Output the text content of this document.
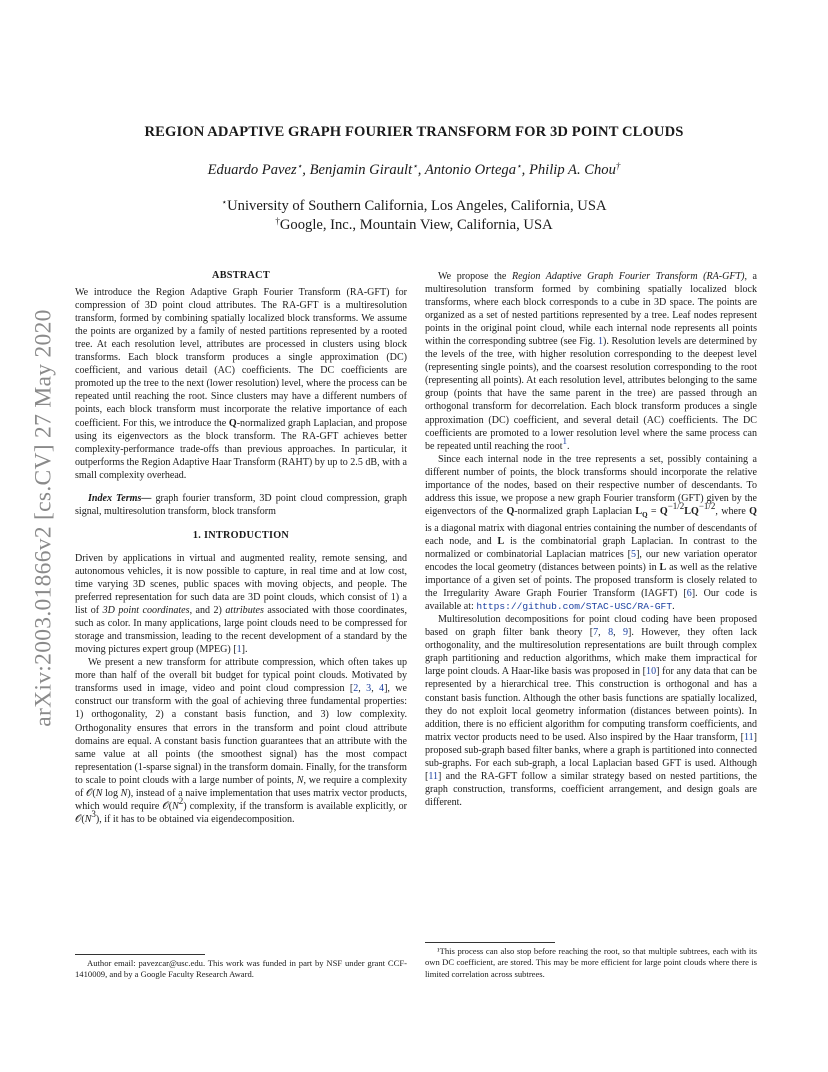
arXiv:2003.01866v2 [cs.CV] 27 May 2020
REGION ADAPTIVE GRAPH FOURIER TRANSFORM FOR 3D POINT CLOUDS
Eduardo Pavez⋆, Benjamin Girault⋆, Antonio Ortega⋆, Philip A. Chou†
⋆University of Southern California, Los Angeles, California, USA
†Google, Inc., Mountain View, California, USA
ABSTRACT

We introduce the Region Adaptive Graph Fourier Transform (RA-GFT) for compression of 3D point cloud attributes. The RA-GFT is a multiresolution transform, formed by combining spatially localized block transforms. We assume the points are organized by a family of nested partitions represented by a rooted tree. At each resolution level, attributes are processed in clusters using block transforms. Each block transform produces a single approximation (DC) coefficient, and various detail (AC) coefficients. The DC coefficients are promoted up the tree to the next (lower resolution) level, where the process can be repeated until reaching the root. Since clusters may have a different numbers of points, each block transform must incorporate the relative importance of each coefficient. For this, we introduce the Q-normalized graph Laplacian, and propose using its eigenvectors as the block transform. The RA-GFT achieves better complexity-performance trade-offs than previous approaches. In particular, it outperforms the Region Adaptive Haar Transform (RAHT) by up to 2.5 dB, with a small complexity overhead.

Index Terms— graph fourier transform, 3D point cloud compression, graph signal, multiresolution transform, block transform

1. INTRODUCTION

Driven by applications in virtual and augmented reality, remote sensing, and autonomous vehicles, it is now possible to capture, in real time and at low cost, time varying 3D scenes, public spaces with moving objects, and people. The preferred representation for such data are 3D point clouds, which consist of 1) a list of 3D point coordinates, and 2) attributes associated with those coordinates, such as color. In many applications, large point clouds need to be compressed for storage and transmission, leading to the recent development of a standard by the moving pictures expert group (MPEG) [1].

We present a new transform for attribute compression, which often takes up more than half of the overall bit budget for typical point clouds. Motivated by transforms used in image, video and point cloud compression [2, 3, 4], we construct our transform with the goal of achieving three fundamental properties: 1) orthogonality, 2) a constant basis function, and 3) low complexity. Orthogonality ensures that errors in the transform and point cloud attribute domains are equal. A constant basis function guarantees that an attribute with the same value at all points (the smoothest signal) has the most compact representation (1-sparse signal) in the transform domain. Finally, for the transform to scale to point clouds with a large number of points, N, we require a complexity of 𝒪(N log N), instead of a naive implementation that uses matrix vector products, which would require $𝒪(N^2)$ complexity, if the transform is available explicitly, or $𝒪(N^3)$, if it has to be obtained via eigendecomposition.

We propose the Region Adaptive Graph Fourier Transform (RA-GFT), a multiresolution transform formed by combining spatially localized block transforms, where each block corresponds to a cube in 3D space. The points are organized as a set of nested partitions represented by a tree. Leaf nodes represent points in the original point cloud, while each internal node represents all points within the corresponding subtree (see Fig. 1). Resolution levels are determined by the levels of the tree, with higher resolution corresponding to the deepest level (representing single points), and the coarsest resolution corresponding to the root (representing all points). At each resolution level, attributes belonging to the same group (points that have the same parent in the tree) are passed through an orthogonal transform for decorrelation. Each block transform produces a single approximation (DC) coefficient, and several detail (AC) coefficients. The DC coefficients are promoted to a lower resolution level where the same process can be repeated until reaching the root$^1$.

Since each internal node in the tree represents a set, possibly containing a different number of points, the block transforms should incorporate the relative importance of the nodes, based on their respective number of descendants. To address this issue, we propose a new graph Fourier transform (GFT) given by the eigenvectors of the Q-normalized graph Laplacian $L_Q = Q^{-1/2}LQ^{-1/2}$, where Q is a diagonal matrix with diagonal entries containing the number of descendants of each node, and L is the combinatorial graph Laplacian. In contrast to the normalized or combinatorial Laplacian matrices [5], our new variation operator encodes the local geometry (distances between points) in L as well as the relative importance of a given set of points. The proposed transform is closely related to the Irregularity Aware Graph Fourier Transform (IAGFT) [6]. Our code is available at: https://github.com/STAC-USC/RA-GFT.

Multiresolution decompositions for point cloud coding have been proposed based on graph filter bank theory [7, 8, 9]. However, they often lack orthogonality, and the multiresolution representations are built through complex graph partitioning and reduction algorithms, which make them impractical for large point clouds. A Haar-like basis was proposed in [10] for any data that can be represented by a hierarchical tree. This construction is orthogonal and has a constant basis function. Although the other basis functions are spatially localized, they do not exploit local geometry information (distances between points). In addition, there is no efficient algorithm for computing transform coefficients, and matrix vector products need to be used. Also inspired by the Haar transform, [11] proposed sub-graph based filter banks, where a graph is partitioned into connected sub-graphs. For each sub-graph, a local Laplacian based GFT is used. Although [11] and the RA-GFT follow a similar strategy based on nested partitions, the graph construction, transforms, coefficient arrangement, and design goals are different.

Author email: pavezcar@usc.edu. This work was funded in part by NSF under grant CCF-1410009, and by a Google Faculty Research Award.

¹This process can also stop before reaching the root, so that multiple subtrees, each with its own DC coefficient, are stored. This may be more efficient for large point clouds where there is limited correlation across subtrees.
